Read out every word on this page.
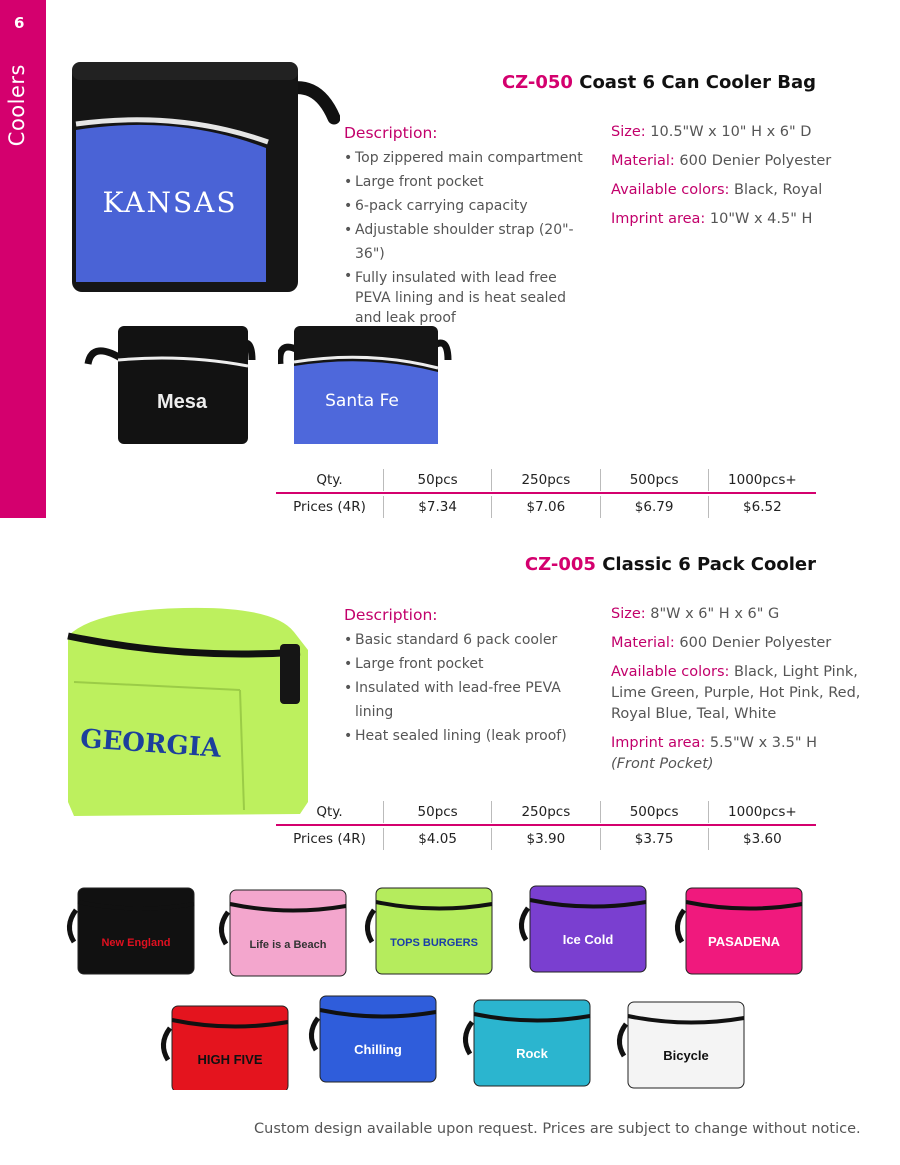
6
Coolers	CZ-050 Coast 6 Can Cooler Bag
KANSAS
Description:
• Top zippered main compartment
• Large front pocket
• 6-pack carrying capacity
• Adjustable shoulder strap (20"- 36")
• Fully insulated with lead free PEVA lining and is heat sealed and leak proof
Size: 10.5"W x 10" H x 6" D
Material: 600 Denier Polyester
Available colors: Black, Royal
Imprint area: 10"W x 4.5" H
Mesa	Santa Fe
Qty.	50pcs	250pcs	500pcs	1000pcs+
Prices (4R)	$7.34	$7.06	$6.79	$6.52
CZ-005 Classic 6 Pack Cooler
GEORGIA
Description:
• Basic standard 6 pack cooler
• Large front pocket
• Insulated with lead-free PEVA lining
• Heat sealed lining (leak proof)
Size: 8"W x 6" H x 6" G
Material: 600 Denier Polyester
Available colors: Black, Light Pink, Lime Green, Purple, Hot Pink, Red, Royal Blue, Teal, White
Imprint area: 5.5"W x 3.5" H
(Front Pocket)
Qty.	50pcs	250pcs	500pcs	1000pcs+
Prices (4R)	$4.05	$3.90	$3.75	$3.60
New England	Life is a Beach	TOPS BURGERS	Ice Cold	PASADENA
HIGH FIVE
Chilling	Rock	Bicycle
Custom design available upon request. Prices are subject to change without notice.
